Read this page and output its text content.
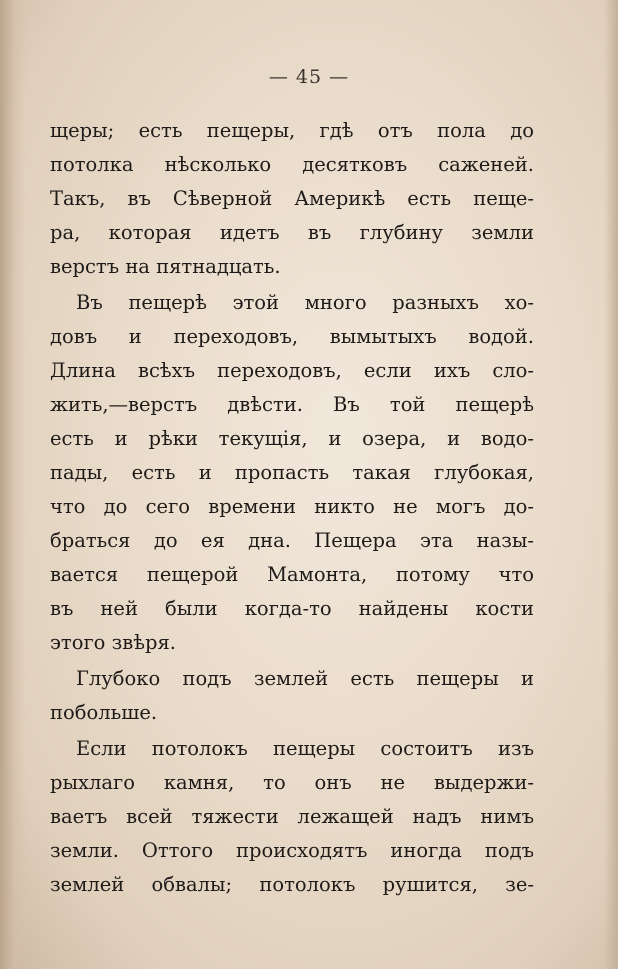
— 45 —
щеры; есть пещеры, гдѣ отъ пола до
потолка нѣсколько десятковъ саженей.
Такъ, въ Сѣверной Америкѣ есть пеще-
ра, которая идетъ въ глубину земли
верстъ на пятнадцать.
Въ пещерѣ этой много разныхъ хо-
довъ и переходовъ, вымытыхъ водой.
Длина всѣхъ переходовъ, если ихъ сло-
жить,—верстъ двѣсти. Въ той пещерѣ
есть и рѣки текущія, и озера, и водо-
пады, есть и пропасть такая глубокая,
что до сего времени никто не могъ до-
браться до ея дна. Пещера эта назы-
вается пещерой Мамонта, потому что
въ ней были когда-то найдены кости
этого звѣря.
Глубоко подъ землей есть пещеры и
побольше.
Если потолокъ пещеры состоитъ изъ
рыхлаго камня, то онъ не выдержи-
ваетъ всей тяжести лежащей надъ нимъ
земли. Оттого происходятъ иногда подъ
землей обвалы; потолокъ рушится, зе-
